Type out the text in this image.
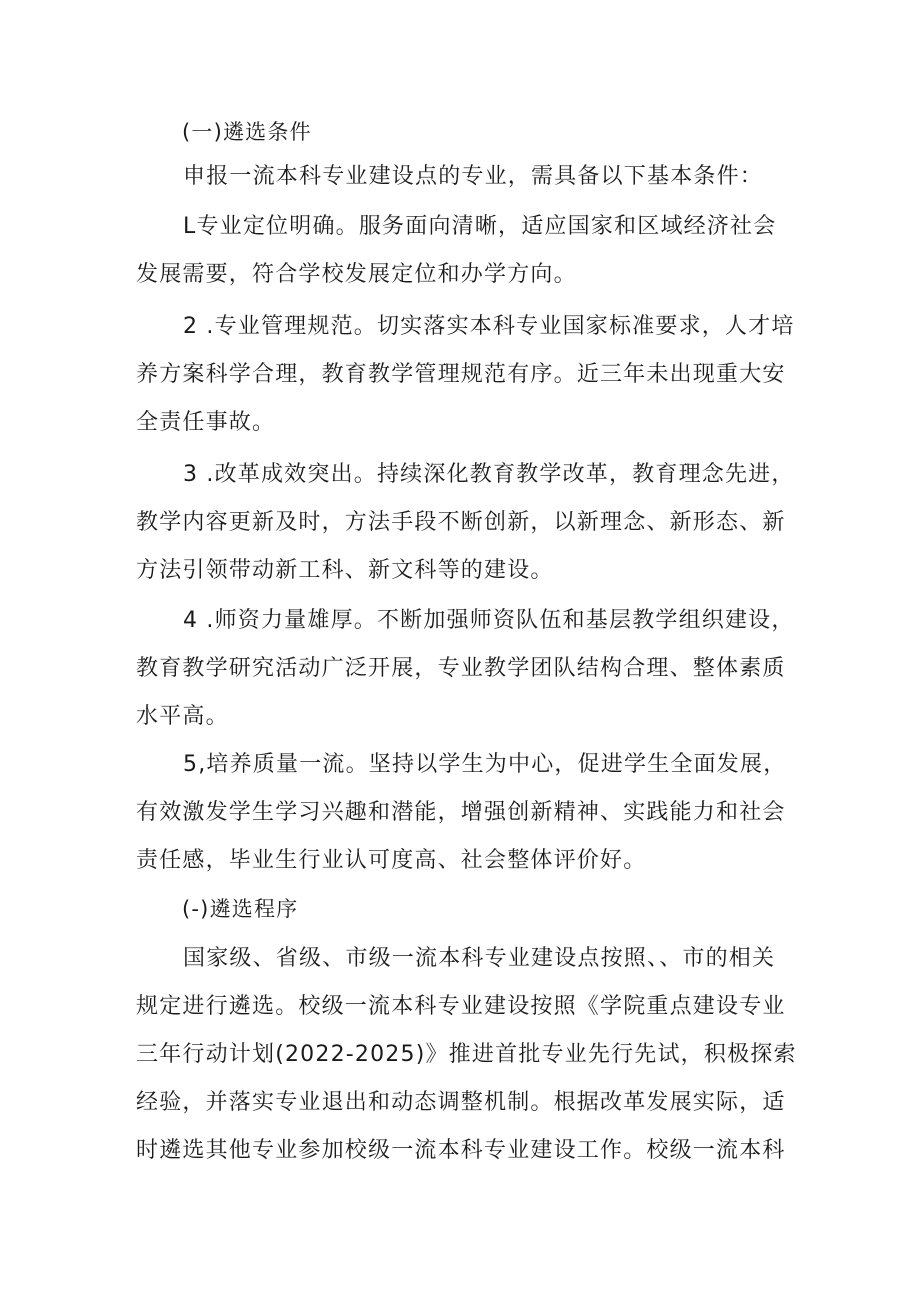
(一)遴选条件
申报一流本科专业建设点的专业，需具备以下基本条件：
L专业定位明确。服务面向清晰，适应国家和区域经济社会
发展需要，符合学校发展定位和办学方向。
2 .专业管理规范。切实落实本科专业国家标准要求，人才培
养方案科学合理，教育教学管理规范有序。近三年未出现重大安
全责任事故。
3 .改革成效突出。持续深化教育教学改革，教育理念先进，
教学内容更新及时，方法手段不断创新，以新理念、新形态、新
方法引领带动新工科、新文科等的建设。
4 .师资力量雄厚。不断加强师资队伍和基层教学组织建设，
教育教学研究活动广泛开展，专业教学团队结构合理、整体素质
水平高。
5,培养质量一流。坚持以学生为中心，促进学生全面发展，
有效激发学生学习兴趣和潜能，增强创新精神、实践能力和社会
责任感，毕业生行业认可度高、社会整体评价好。
(-)遴选程序
国家级、省级、市级一流本科专业建设点按照、、市的相关
规定进行遴选。校级一流本科专业建设按照《学院重点建设专业
三年行动计划(2022-2025)》推进首批专业先行先试，积极探索
经验，并落实专业退出和动态调整机制。根据改革发展实际，适
时遴选其他专业参加校级一流本科专业建设工作。校级一流本科
